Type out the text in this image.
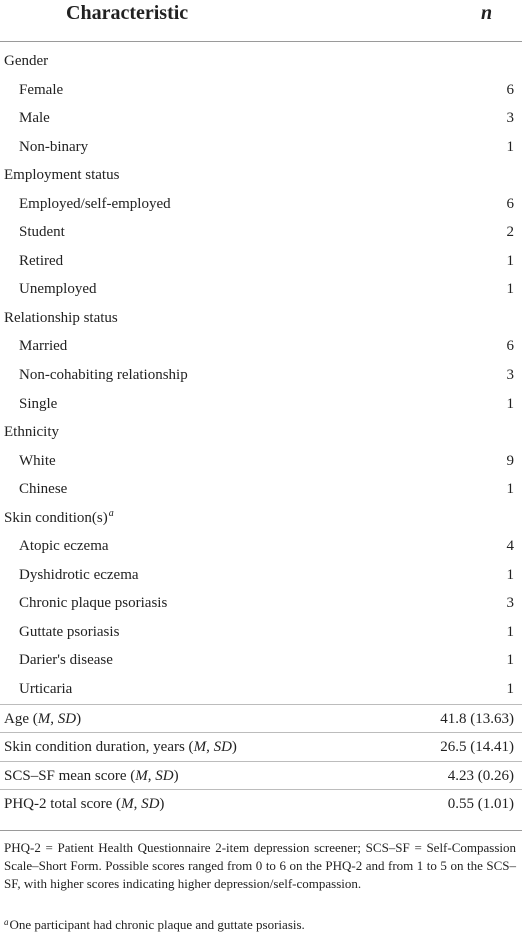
Characteristic	n
Gender
Female	6
Male	3
Non-binary	1
Employment status
Employed/self-employed	6
Student	2
Retired	1
Unemployed	1
Relationship status
Married	6
Non-cohabiting relationship	3
Single	1
Ethnicity
White	9
Chinese	1
Skin $condition(s)^a$
Atopic eczema	4
Dyshidrotic eczema	1
Chronic plaque psoriasis	3
Guttate psoriasis	1
Darier's disease	1
Urticaria	1
Age (M, SD)	41.8 (13.63)
Skin condition duration, years (M, SD)	26.5 (14.41)
SCS–SF mean score (M, SD)	4.23 (0.26)
PHQ-2 total score (M, SD)	0.55 (1.01)
PHQ-2 = Patient Health Questionnaire 2-item depression screener; SCS–SF = Self-Compassion Scale–Short Form. Possible scores ranged from 0 to 6 on the PHQ-2 and from 1 to 5 on the SCS–SF, with higher scores indicating higher depression/self-compassion.
$^a$One participant had chronic plaque and guttate psoriasis.
